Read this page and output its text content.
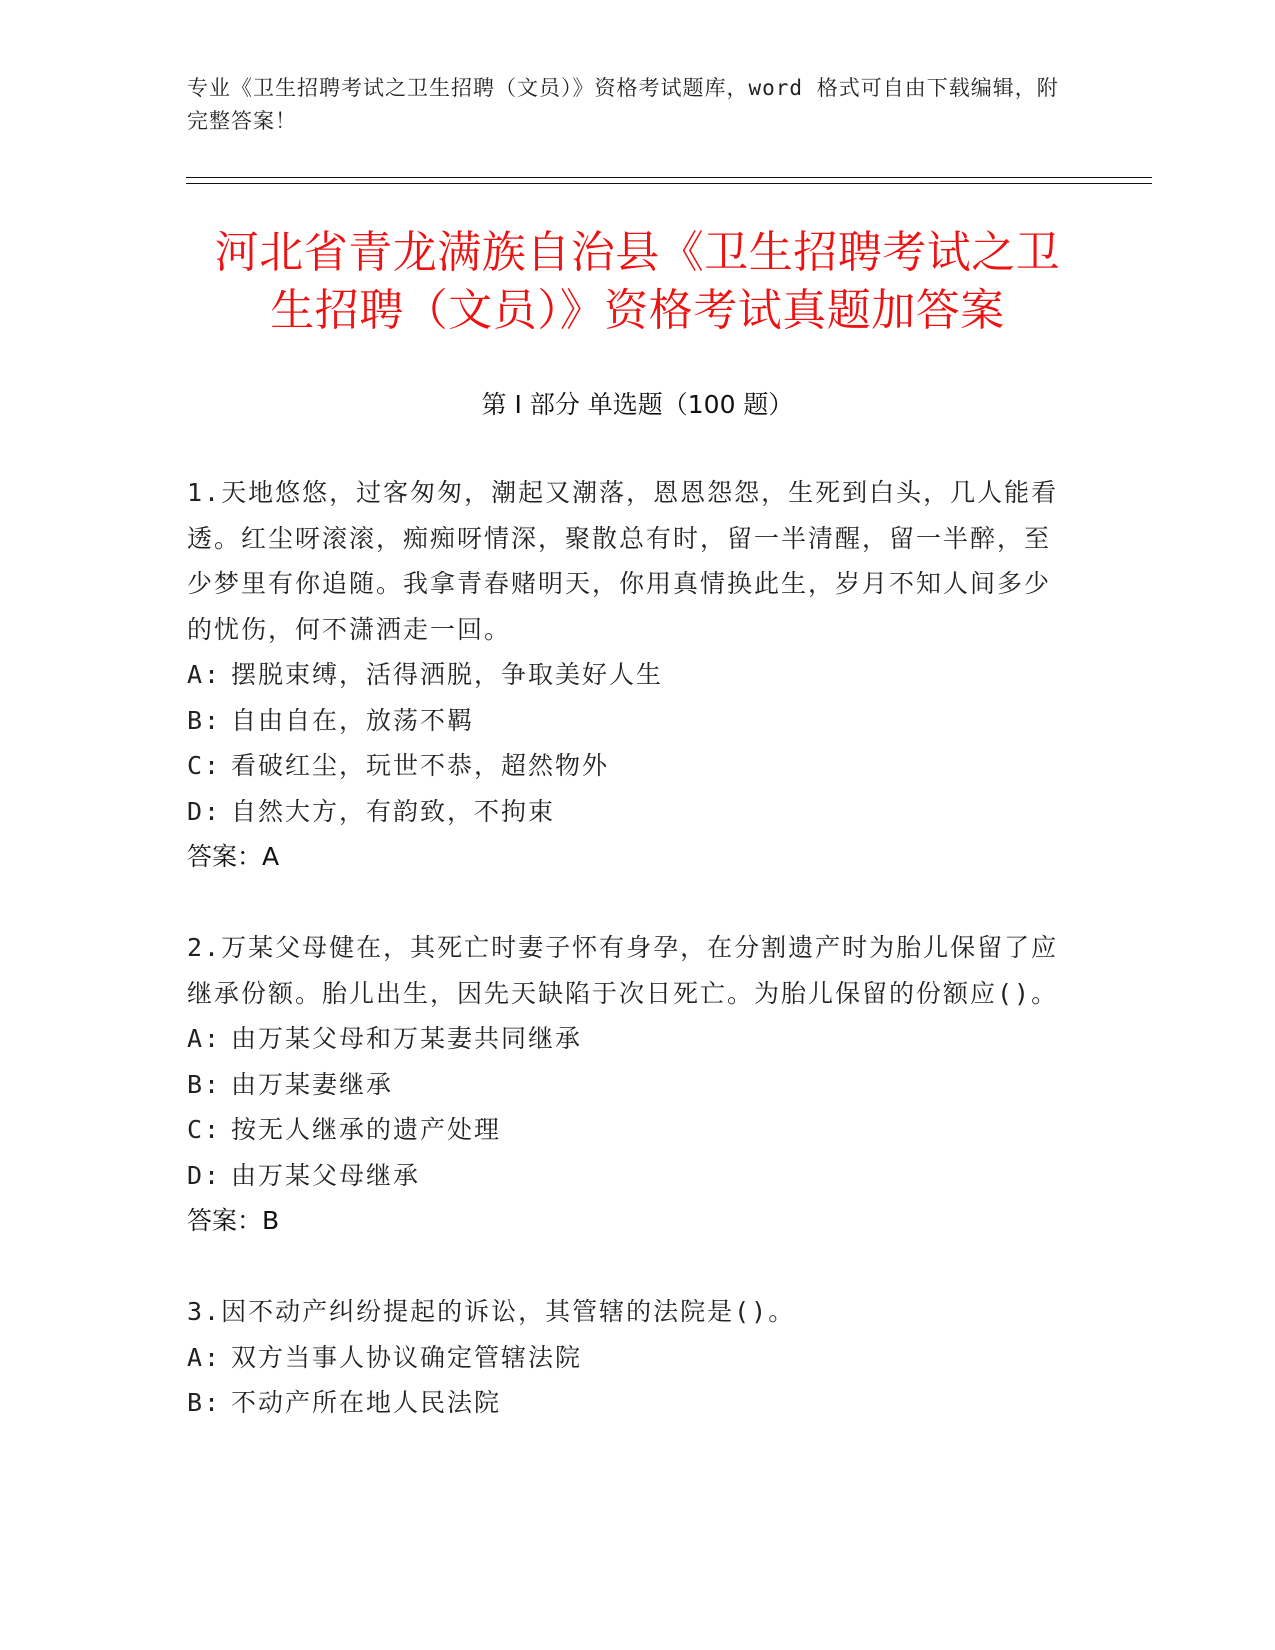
专业《卫生招聘考试之卫生招聘（文员）》资格考试题库，word 格式可自由下载编辑，附完整答案！
河北省青龙满族自治县《卫生招聘考试之卫
生招聘（文员）》资格考试真题加答案
第 I 部分 单选题（100 题）

1.天地悠悠，过客匆匆，潮起又潮落，恩恩怨怨，生死到白头，几人能看透。红尘呀滚滚，痴痴呀情深，聚散总有时，留一半清醒，留一半醉，至少梦里有你追随。我拿青春赌明天，你用真情换此生，岁月不知人间多少的忧伤，何不潇洒走一回。

A: 摆脱束缚，活得洒脱，争取美好人生

B: 自由自在，放荡不羁

C: 看破红尘，玩世不恭，超然物外

D: 自然大方，有韵致，不拘束

答案：A

2.万某父母健在，其死亡时妻子怀有身孕，在分割遗产时为胎儿保留了应继承份额。胎儿出生，因先天缺陷于次日死亡。为胎儿保留的份额应()。

A: 由万某父母和万某妻共同继承

B: 由万某妻继承

C: 按无人继承的遗产处理

D: 由万某父母继承

答案：B

3.因不动产纠纷提起的诉讼，其管辖的法院是()。

A: 双方当事人协议确定管辖法院

B: 不动产所在地人民法院
